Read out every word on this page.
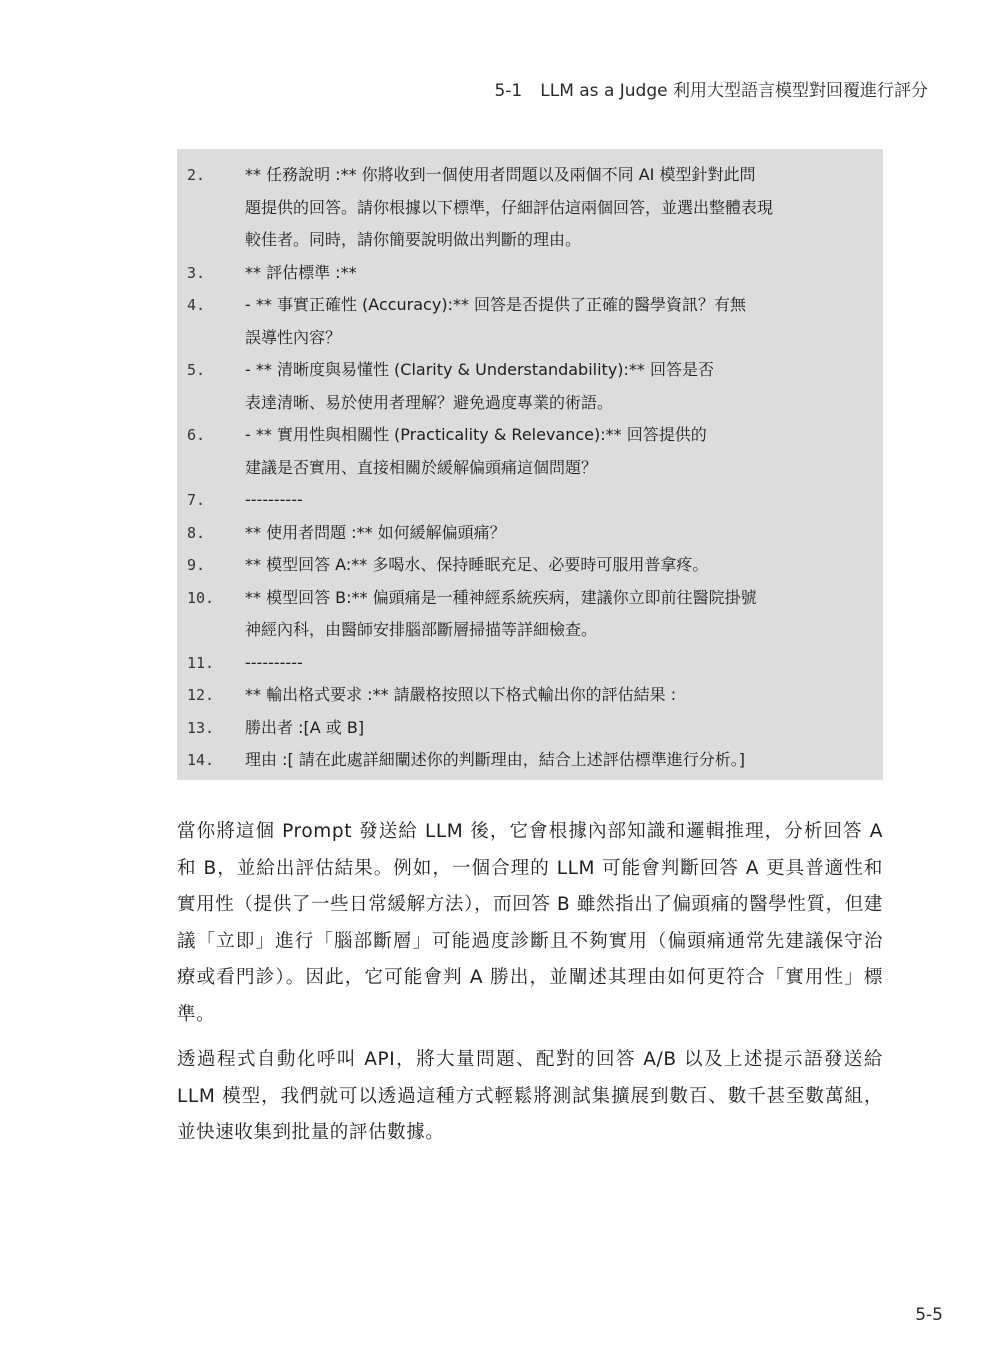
5-1 LLM as a Judge 利用大型語言模型對回覆進行評分
2.	** 任務說明 :** 你將收到一個使用者問題以及兩個不同 AI 模型針對此問
題提供的回答。請你根據以下標準，仔細評估這兩個回答，並選出整體表現
較佳者。同時，請你簡要說明做出判斷的理由。
3.	** 評估標準 :**
4.	- ** 事實正確性 (Accuracy):** 回答是否提供了正確的醫學資訊？有無
誤導性內容？
5.	- ** 清晰度與易懂性 (Clarity & Understandability):** 回答是否
表達清晰、易於使用者理解？避免過度專業的術語。
6.	- ** 實用性與相關性 (Practicality & Relevance):** 回答提供的
建議是否實用、直接相關於緩解偏頭痛這個問題？
7.	----------
8.	** 使用者問題 :** 如何緩解偏頭痛？
9.	** 模型回答 A:** 多喝水、保持睡眠充足、必要時可服用普拿疼。
10.	** 模型回答 B:** 偏頭痛是一種神經系統疾病，建議你立即前往醫院掛號
神經內科，由醫師安排腦部斷層掃描等詳細檢查。
11.	----------
12.	** 輸出格式要求 :** 請嚴格按照以下格式輸出你的評估結果 :
13.	勝出者 :[A 或 B]
14.	理由 :[ 請在此處詳細闡述你的判斷理由，結合上述評估標準進行分析。]

當你將這個 Prompt 發送給 LLM 後，它會根據內部知識和邏輯推理，分析回答 A 和 B，並給出評估結果。例如，一個合理的 LLM 可能會判斷回答 A 更具普適性和實用性（提供了一些日常緩解方法），而回答 B 雖然指出了偏頭痛的醫學性質，但建議「立即」進行「腦部斷層」可能過度診斷且不夠實用（偏頭痛通常先建議保守治療或看門診）。因此，它可能會判 A 勝出，並闡述其理由如何更符合「實用性」標準。

透過程式自動化呼叫 API，將大量問題、配對的回答 A/B 以及上述提示語發送給 LLM 模型，我們就可以透過這種方式輕鬆將測試集擴展到數百、數千甚至數萬組，並快速收集到批量的評估數據。

5-5
